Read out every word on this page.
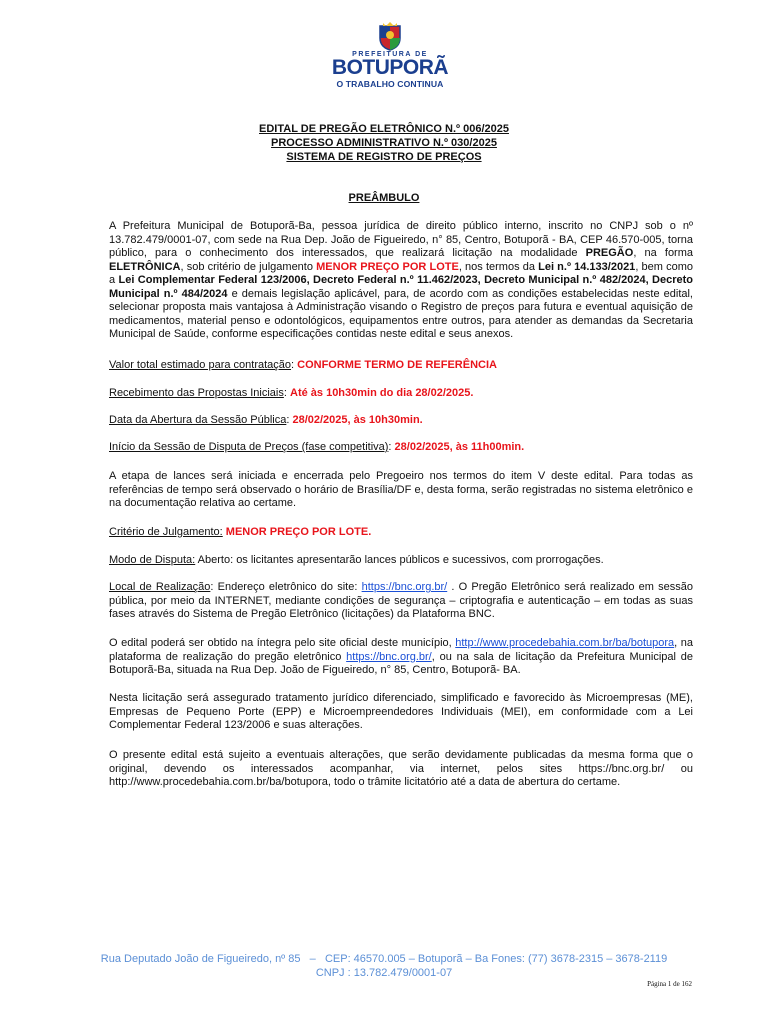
PREFEITURA DE
BOTUPORÃ
O TRABALHO CONTINUA
EDITAL DE PREGÃO ELETRÔNICO N.º 006/2025
PROCESSO ADMINISTRATIVO N.º 030/2025
SISTEMA DE REGISTRO DE PREÇOS
PREÂMBULO
A Prefeitura Municipal de Botuporã-Ba, pessoa jurídica de direito público interno, inscrito no CNPJ sob o nº 13.782.479/0001-07, com sede na Rua Dep. João de Figueiredo, n° 85, Centro, Botuporã - BA, CEP 46.570-005, torna público, para o conhecimento dos interessados, que realizará licitação na modalidade PREGÃO, na forma ELETRÔNICA, sob critério de julgamento MENOR PREÇO POR LOTE, nos termos da Lei n.º 14.133/2021, bem como a Lei Complementar Federal 123/2006, Decreto Federal n.º 11.462/2023, Decreto Municipal n.º 482/2024, Decreto Municipal n.º 484/2024 e demais legislação aplicável, para, de acordo com as condições estabelecidas neste edital, selecionar proposta mais vantajosa à Administração visando o Registro de preços para futura e eventual aquisição de medicamentos, material penso e odontológicos, equipamentos entre outros, para atender as demandas da Secretaria Municipal de Saúde, conforme especificações contidas neste edital e seus anexos.
Valor total estimado para contratação: CONFORME TERMO DE REFERÊNCIA
Recebimento das Propostas Iniciais: Até às 10h30min do dia 28/02/2025.
Data da Abertura da Sessão Pública: 28/02/2025, às 10h30min.
Início da Sessão de Disputa de Preços (fase competitiva): 28/02/2025, às 11h00min.
A etapa de lances será iniciada e encerrada pelo Pregoeiro nos termos do item V deste edital. Para todas as referências de tempo será observado o horário de Brasília/DF e, desta forma, serão registradas no sistema eletrônico e na documentação relativa ao certame.
Critério de Julgamento: MENOR PREÇO POR LOTE.
Modo de Disputa: Aberto: os licitantes apresentarão lances públicos e sucessivos, com prorrogações.
Local de Realização: Endereço eletrônico do site: https://bnc.org.br/ . O Pregão Eletrônico será realizado em sessão pública, por meio da INTERNET, mediante condições de segurança – criptografia e autenticação – em todas as suas fases através do Sistema de Pregão Eletrônico (licitações) da Plataforma BNC.
O edital poderá ser obtido na íntegra pelo site oficial deste município, http://www.procedebahia.com.br/ba/botupora, na plataforma de realização do pregão eletrônico https://bnc.org.br/, ou na sala de licitação da Prefeitura Municipal de Botuporã-Ba, situada na Rua Dep. João de Figueiredo, n° 85, Centro, Botuporã- BA.
Nesta licitação será assegurado tratamento jurídico diferenciado, simplificado e favorecido às Microempresas (ME), Empresas de Pequeno Porte (EPP) e Microempreendedores Individuais (MEI), em conformidade com a Lei Complementar Federal 123/2006 e suas alterações.
O presente edital está sujeito a eventuais alterações, que serão devidamente publicadas da mesma forma que o original, devendo os interessados acompanhar, via internet, pelos sites https://bnc.org.br/ ou http://www.procedebahia.com.br/ba/botupora, todo o trâmite licitatório até a data de abertura do certame.
Rua Deputado João de Figueiredo, nº 85   –   CEP: 46570.005 – Botuporã – Ba Fones: (77) 3678-2315 – 3678-2119
CNPJ : 13.782.479/0001-07
Página 1 de 162
